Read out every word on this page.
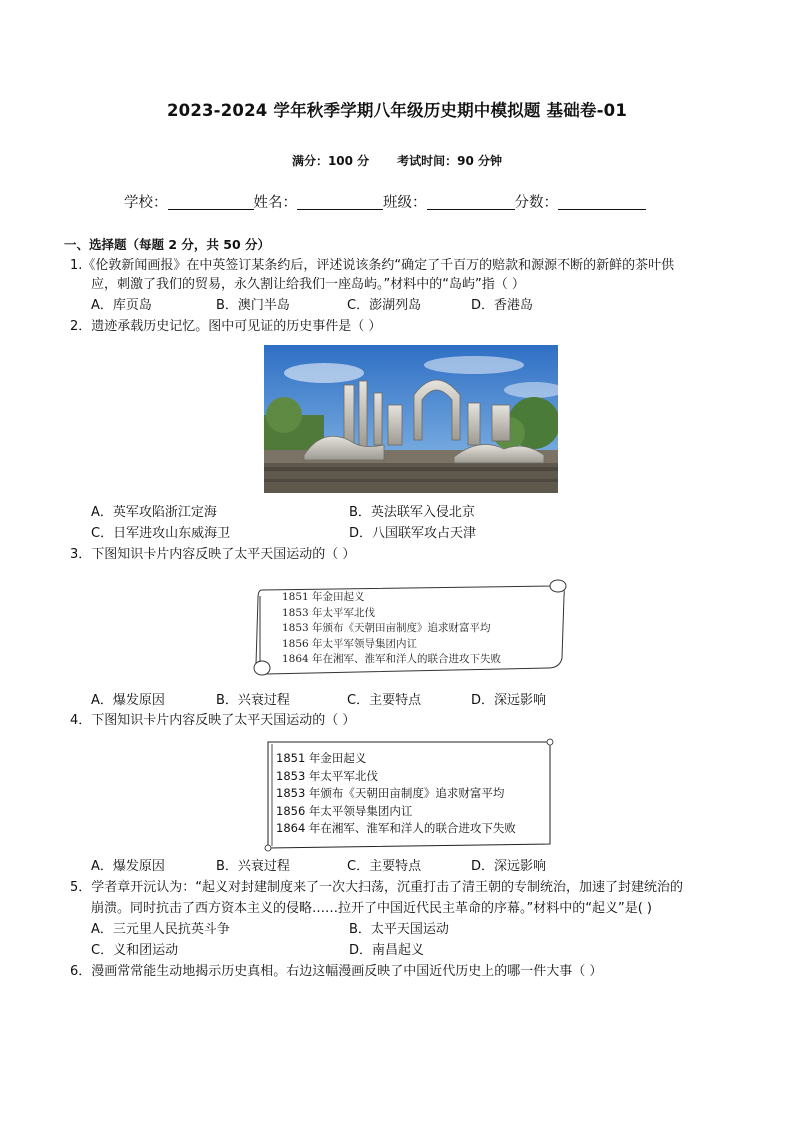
2023-2024 学年秋季学期八年级历史期中模拟题 基础卷-01
满分：100 分 考试时间：90 分钟
学校：	姓名：	班级：	分数：
一、选择题（每题 2 分，共 50 分）
1.《伦敦新闻画报》在中英签订某条约后，评述说该条约“确定了千百万的赔款和源源不断的新鲜的茶叶供
应，刺激了我们的贸易，永久割让给我们一座岛屿。”材料中的“岛屿”指（ ）
A．库页岛	B．澳门半岛	C．澎湖列岛	D．香港岛
2．遗迹承载历史记忆。图中可见证的历史事件是（ ）
A．英军攻陷浙江定海	B．英法联军入侵北京
C．日军进攻山东威海卫	D．八国联军攻占天津
3．下图知识卡片内容反映了太平天国运动的（ ）
1851 年金田起义
1853 年太平军北伐
1853 年颁布《天朝田亩制度》追求财富平均
1856 年太平军领导集团内讧
1864 年在湘军、淮军和洋人的联合进攻下失败
A．爆发原因	B．兴衰过程	C．主要特点	D．深远影响
4．下图知识卡片内容反映了太平天国运动的（ ）
1851 年金田起义
1853 年太平军北伐
1853 年颁布《天朝田亩制度》追求财富平均
1856 年太平领导集团内讧
1864 年在湘军、淮军和洋人的联合进攻下失败
A．爆发原因	B．兴衰过程	C．主要特点	D．深远影响
5．学者章开沅认为：“起义对封建制度来了一次大扫荡，沉重打击了清王朝的专制统治，加速了封建统治的
崩溃。同时抗击了西方资本主义的侵略……拉开了中国近代民主革命的序幕。”材料中的“起义”是( )
A．三元里人民抗英斗争	B．太平天国运动
C．义和团运动	D．南昌起义
6．漫画常常能生动地揭示历史真相。右边这幅漫画反映了中国近代历史上的哪一件大事（ ）
